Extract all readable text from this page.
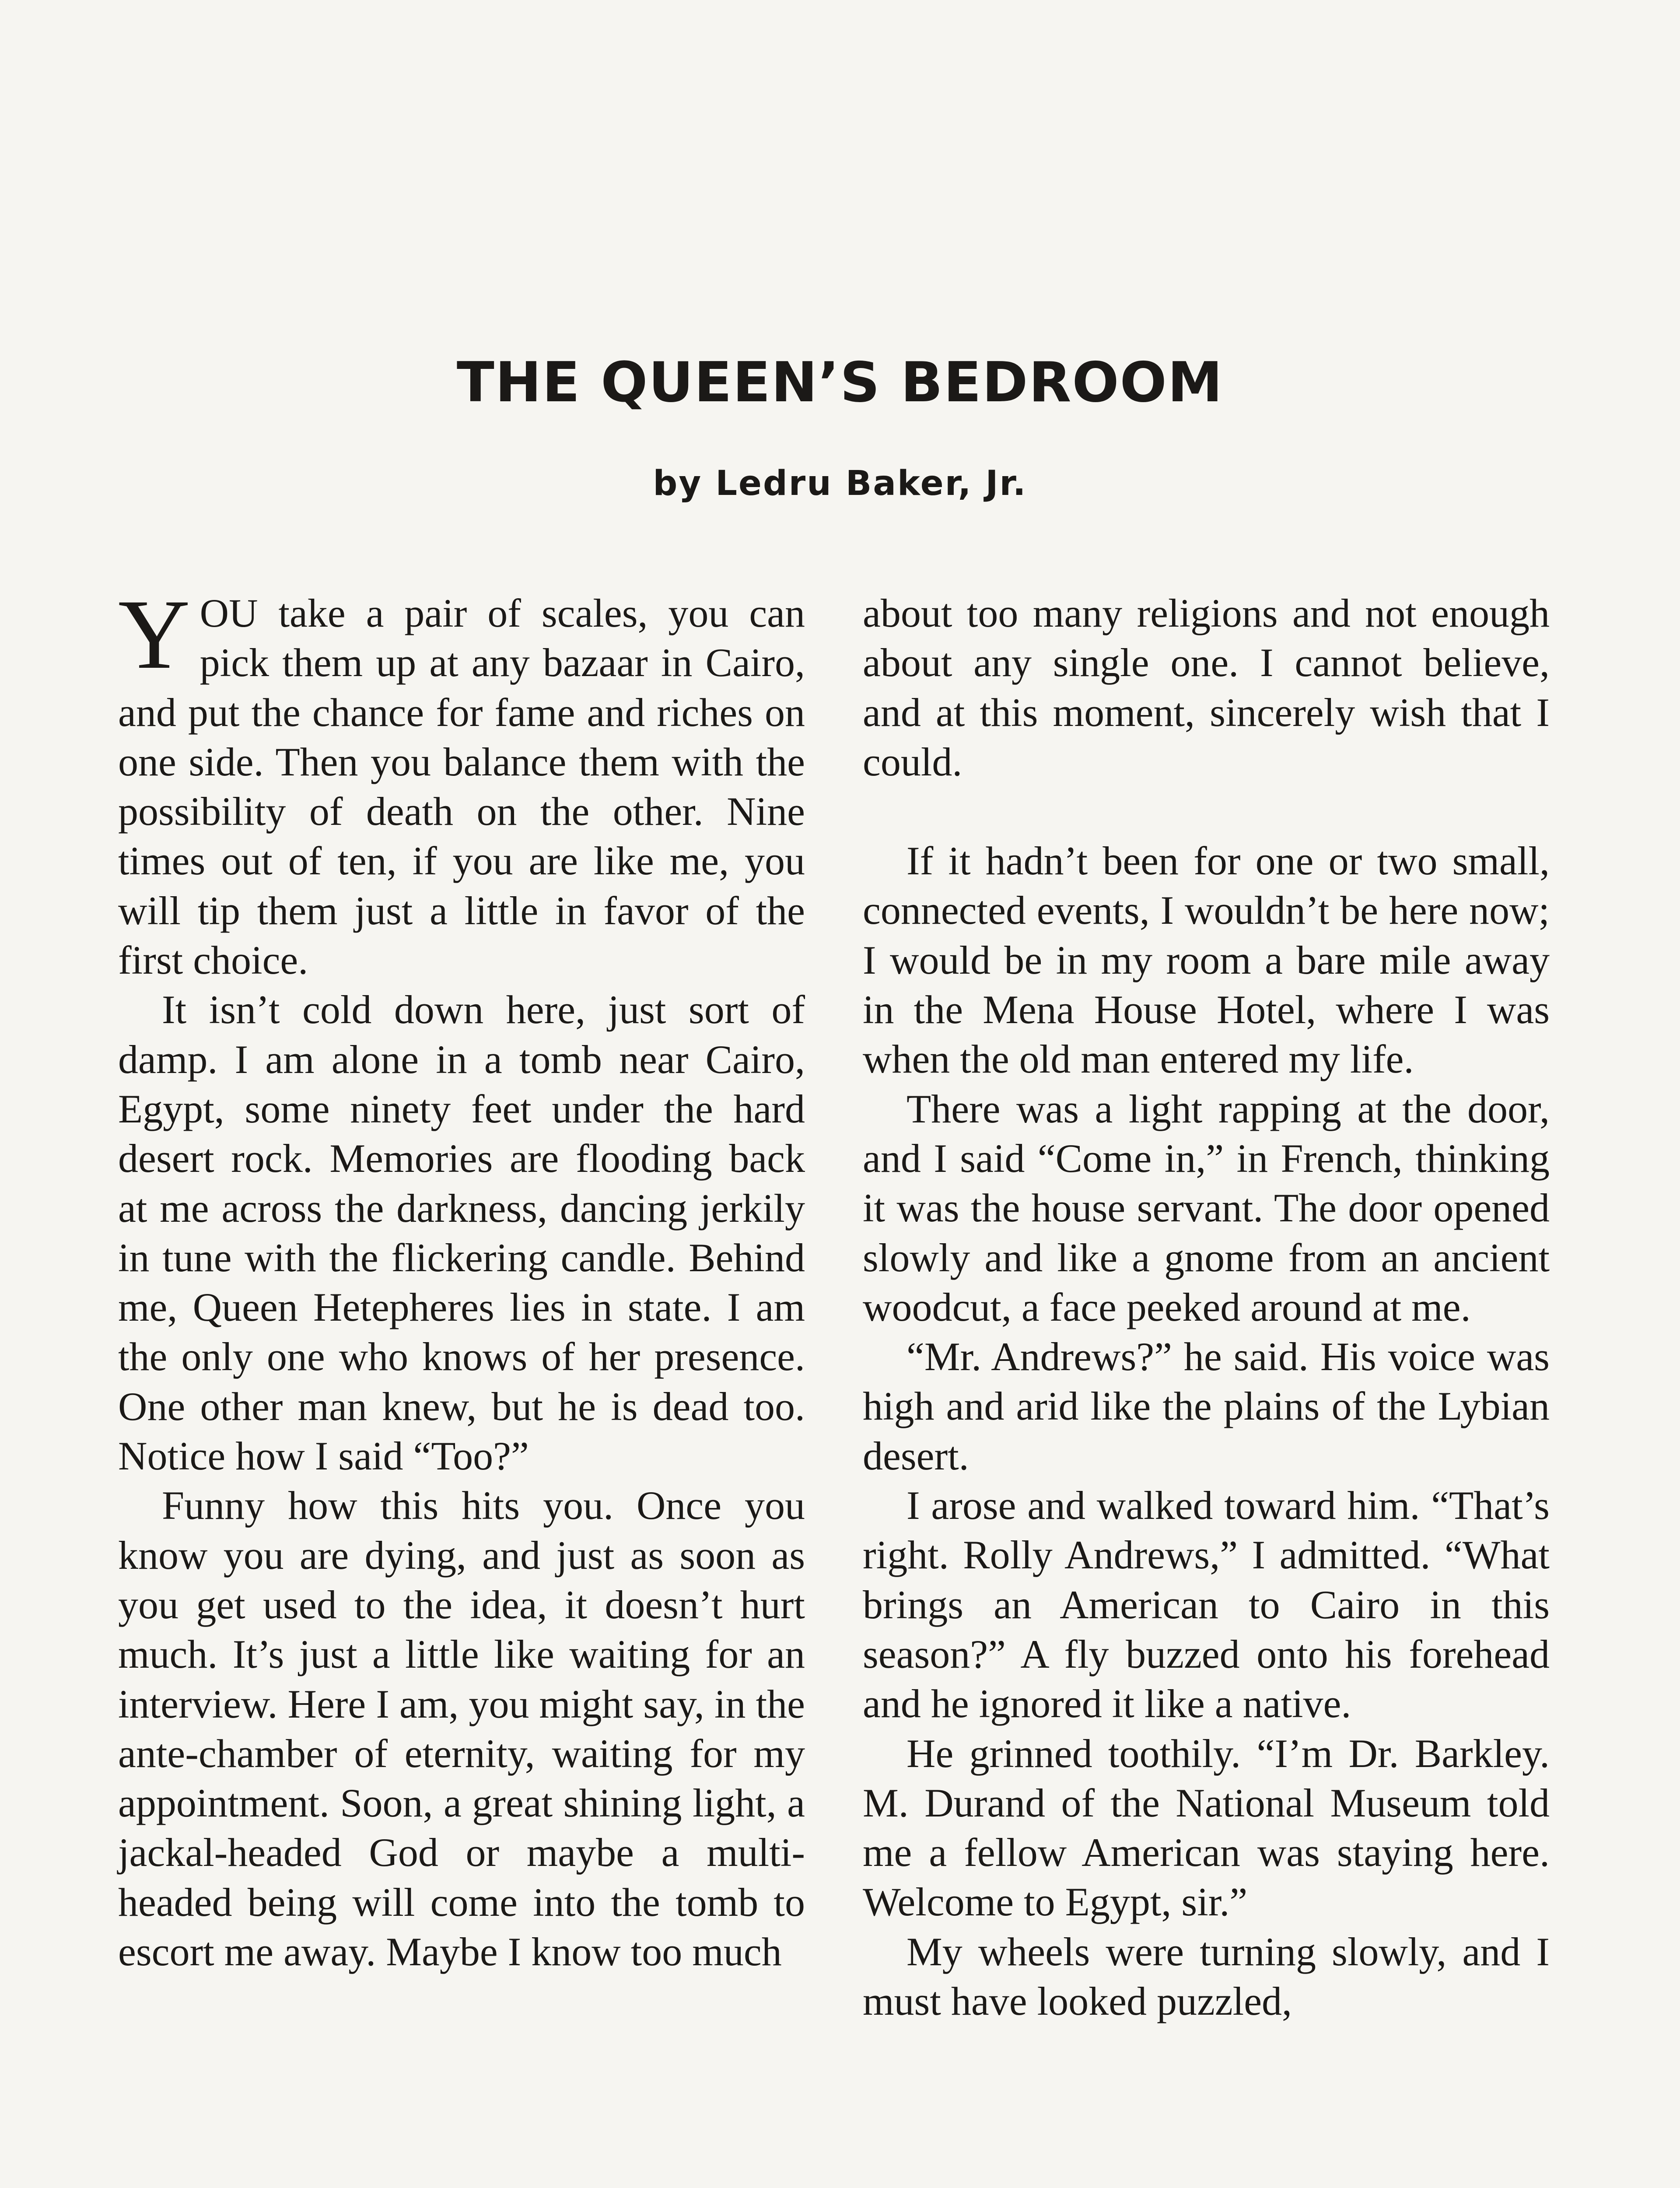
THE QUEEN’S BEDROOM
by Ledru Baker, Jr.

YOU take a pair of scales, you can pick them up at any bazaar in Cairo, and put the chance for fame and riches on one side. Then you balance them with the possibility of death on the other. Nine times out of ten, if you are like me, you will tip them just a little in favor of the first choice.

It isn’t cold down here, just sort of damp. I am alone in a tomb near Cairo, Egypt, some ninety feet under the hard desert rock. Memories are flooding back at me across the darkness, dancing jerkily in tune with the flickering candle. Behind me, Queen Hetepheres lies in state. I am the only one who knows of her presence. One other man knew, but he is dead too. Notice how I said “Too?”

Funny how this hits you. Once you know you are dying, and just as soon as you get used to the idea, it doesn’t hurt much. It’s just a little like waiting for an interview. Here I am, you might say, in the ante-chamber of eternity, waiting for my appointment. Soon, a great shining light, a jackal-headed God or maybe a multi-headed being will come into the tomb to escort me away. Maybe I know too much

about too many religions and not enough about any single one. I cannot believe, and at this moment, sincerely wish that I could.

If it hadn’t been for one or two small, connected events, I wouldn’t be here now; I would be in my room a bare mile away in the Mena House Hotel, where I was when the old man entered my life.

There was a light rapping at the door, and I said “Come in,” in French, thinking it was the house servant. The door opened slowly and like a gnome from an ancient woodcut, a face peeked around at me.

“Mr. Andrews?” he said. His voice was high and arid like the plains of the Lybian desert.

I arose and walked toward him. “That’s right. Rolly Andrews,” I admitted. “What brings an American to Cairo in this season?” A fly buzzed onto his forehead and he ignored it like a native.

He grinned toothily. “I’m Dr. Barkley. M. Durand of the National Museum told me a fellow American was staying here. Welcome to Egypt, sir.”

My wheels were turning slowly, and I must have looked puzzled,
